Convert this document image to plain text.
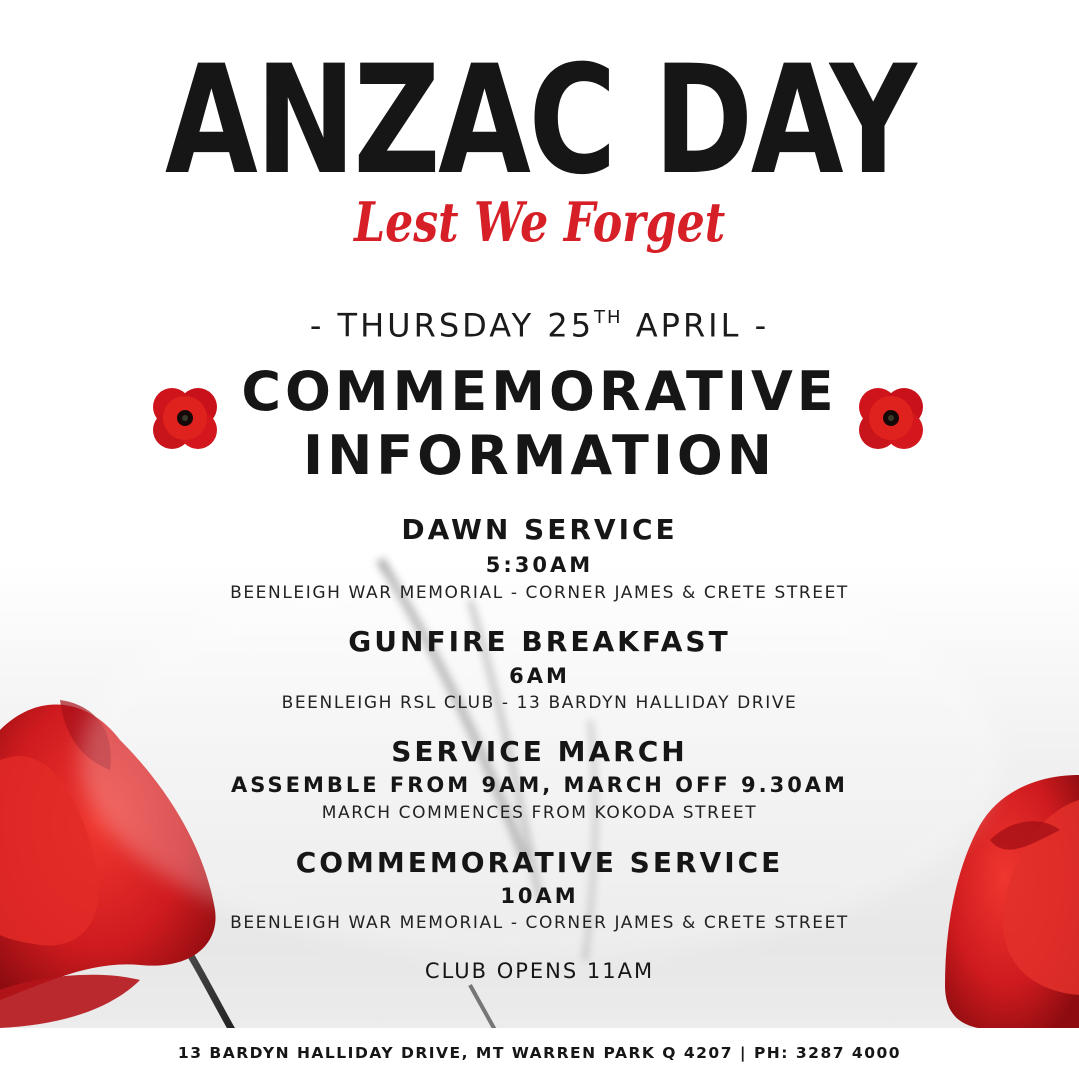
ANZAC DAY
Lest We Forget
- THURSDAY 25TH APRIL -
COMMEMORATIVE
INFORMATION
DAWN SERVICE
5:30AM
BEENLEIGH WAR MEMORIAL - CORNER JAMES & CRETE STREET
GUNFIRE BREAKFAST
6AM
BEENLEIGH RSL CLUB - 13 BARDYN HALLIDAY DRIVE
SERVICE MARCH
ASSEMBLE FROM 9AM, MARCH OFF 9.30AM
MARCH COMMENCES FROM KOKODA STREET
COMMEMORATIVE SERVICE
10AM
BEENLEIGH WAR MEMORIAL - CORNER JAMES & CRETE STREET
CLUB OPENS 11AM
13 BARDYN HALLIDAY DRIVE, MT WARREN PARK Q 4207 | PH: 3287 4000
